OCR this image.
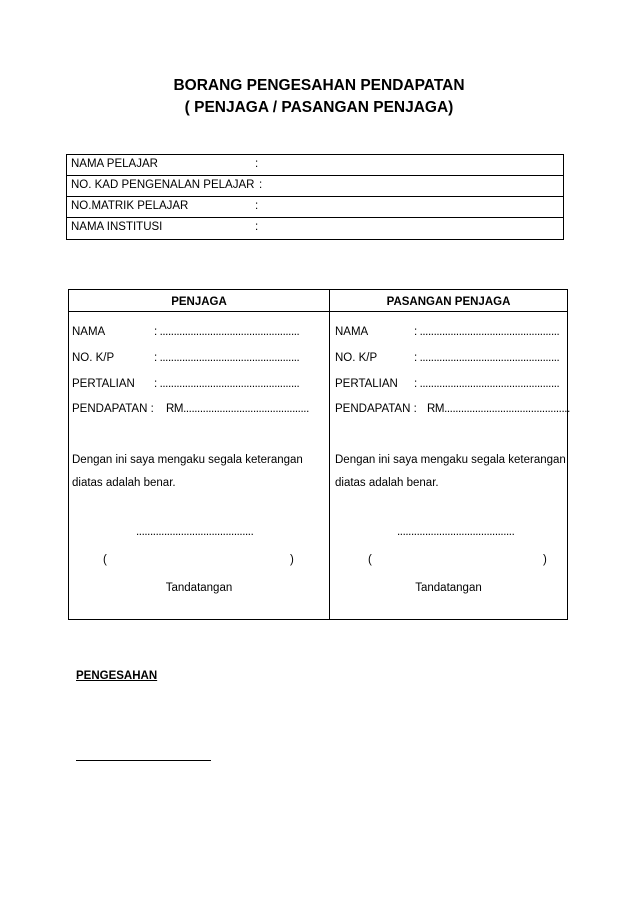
BORANG PENGESAHAN PENDAPATAN
( PENJAGA / PASANGAN PENJAGA)
NAMA PELAJAR	:
NO. KAD PENGENALAN PELAJAR :
NO.MATRIK PELAJAR	:
NAMA INSTITUSI	:
PENJAGA
NAMA	: ..................................................
NO. K/P	: ..................................................
PERTALIAN : ..................................................
PENDAPATAN : RM.............................................
Dengan ini saya mengaku segala keterangan
diatas adalah benar.
..........................................
(	)
Tandatangan
PASANGAN PENJAGA
NAMA	: ..................................................
NO. K/P	: ..................................................
PERTALIAN : ..................................................
PENDAPATAN : RM.............................................
Dengan ini saya mengaku segala keterangan
diatas adalah benar.
..........................................
(	)
Tandatangan
PENGESAHAN
